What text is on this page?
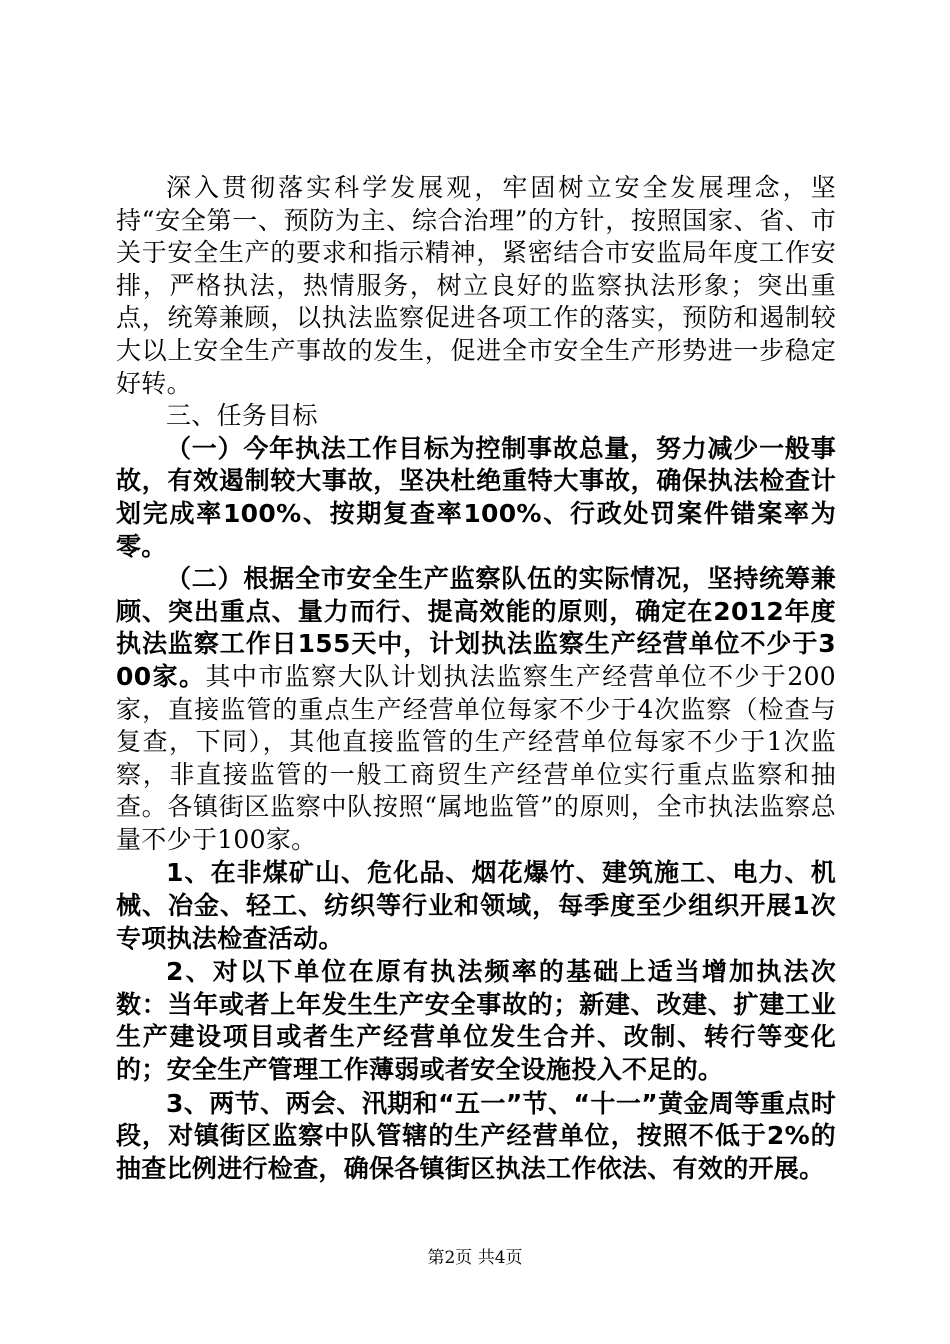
深入贯彻落实科学发展观，牢固树立安全发展理念，坚持“安全第一、预防为主、综合治理”的方针，按照国家、省、市关于安全生产的要求和指示精神，紧密结合市安监局年度工作安排，严格执法，热情服务，树立良好的监察执法形象；突出重点，统筹兼顾，以执法监察促进各项工作的落实，预防和遏制较大以上安全生产事故的发生，促进全市安全生产形势进一步稳定好转。

三、任务目标

（一）今年执法工作目标为控制事故总量，努力减少一般事故，有效遏制较大事故，坚决杜绝重特大事故，确保执法检查计划完成率100%、按期复查率100%、行政处罚案件错案率为零。

（二）根据全市安全生产监察队伍的实际情况，坚持统筹兼顾、突出重点、量力而行、提高效能的原则，确定在2012年度执法监察工作日155天中，计划执法监察生产经营单位不少于300家。

其中市监察大队计划执法监察生产经营单位不少于200家，直接监管的重点生产经营单位每家不少于4次监察（检查与复查，下同），其他直接监管的生产经营单位每家不少于1次监察，非直接监管的一般工商贸生产经营单位实行重点监察和抽查。各镇街区监察中队按照“属地监管”的原则，全市执法监察总量不少于100家。

1、在非煤矿山、危化品、烟花爆竹、建筑施工、电力、机械、冶金、轻工、纺织等行业和领域，每季度至少组织开展1次专项执法检查活动。

2、对以下单位在原有执法频率的基础上适当增加执法次数：当年或者上年发生生产安全事故的；新建、改建、扩建工业生产建设项目或者生产经营单位发生合并、改制、转行等变化的；安全生产管理工作薄弱或者安全设施投入不足的。

3、两节、两会、汛期和“五一”节、“十一”黄金周等重点时段，对镇街区监察中队管辖的生产经营单位，按照不低于2%的抽查比例进行检查，确保各镇街区执法工作依法、有效的开展。

第2页 共4页
